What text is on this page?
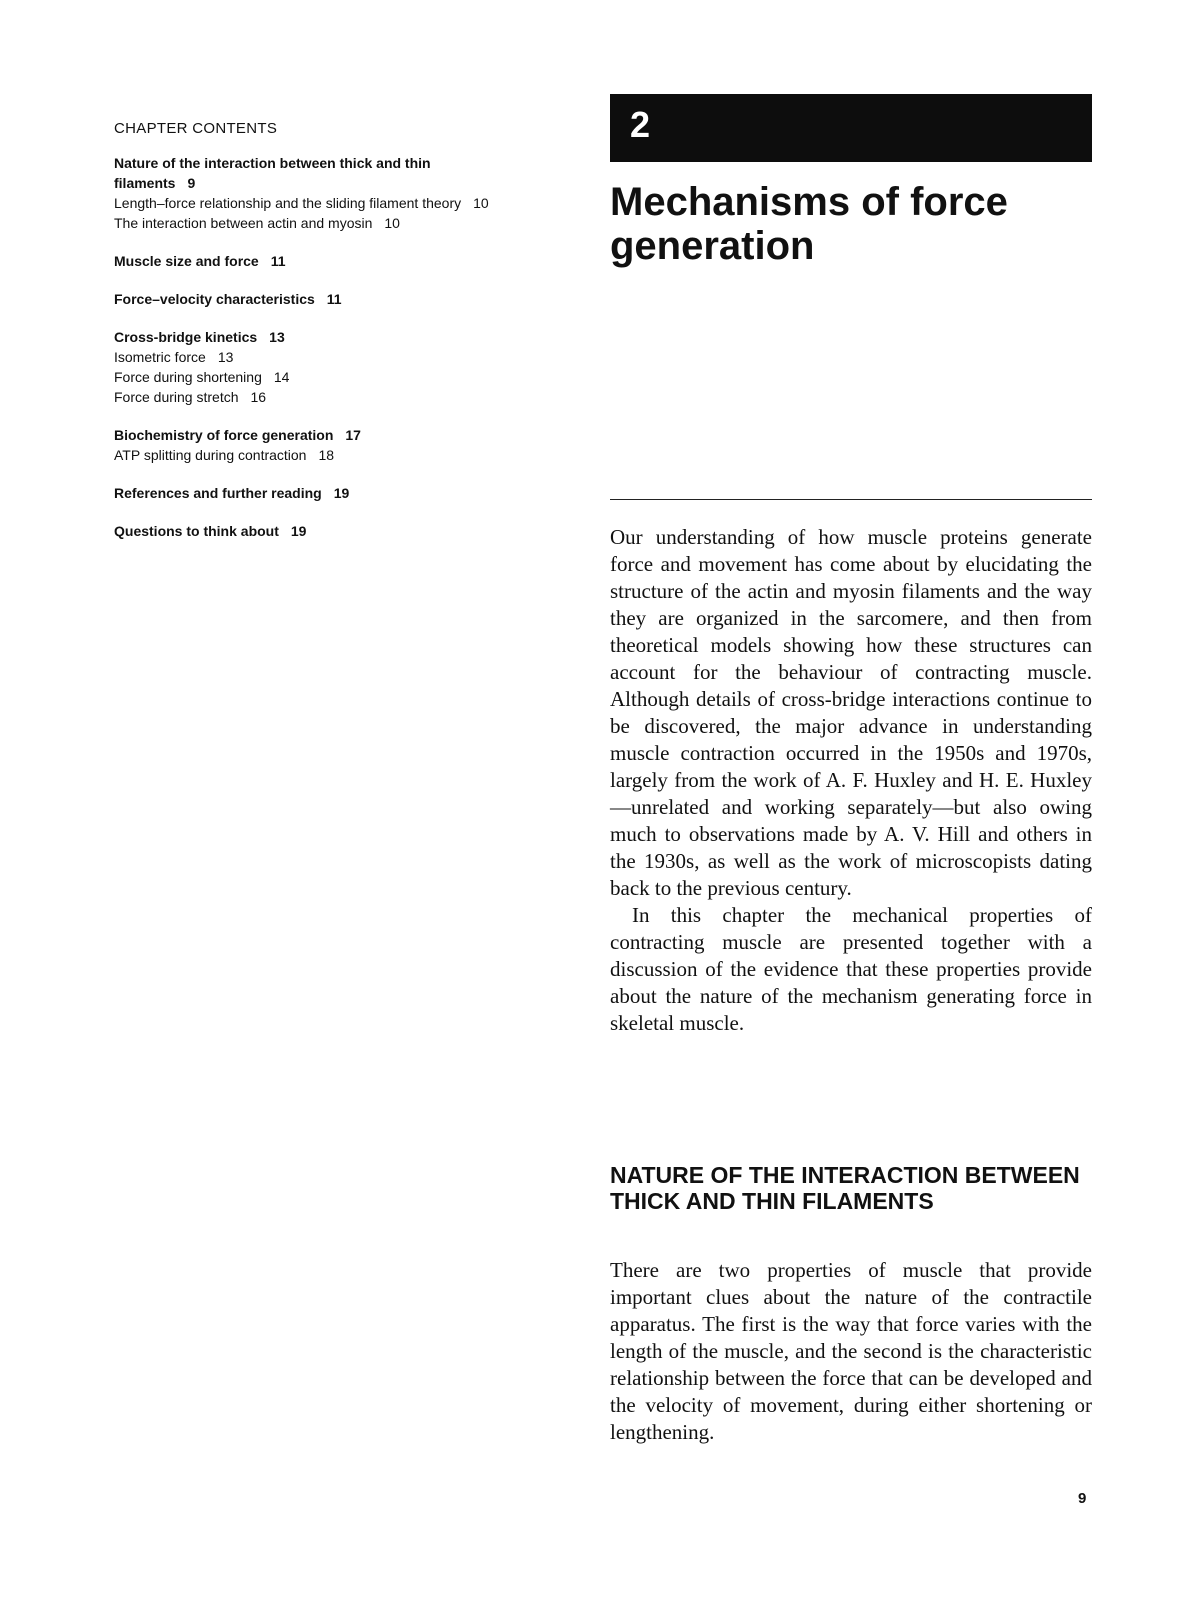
CHAPTER CONTENTS
Nature of the interaction between thick and thin filaments 9
Length–force relationship and the sliding filament theory 10
The interaction between actin and myosin 10
Muscle size and force 11
Force–velocity characteristics 11
Cross-bridge kinetics 13
Isometric force 13
Force during shortening 14
Force during stretch 16
Biochemistry of force generation 17
ATP splitting during contraction 18
References and further reading 19
Questions to think about 19
2
Mechanisms of force generation

Our understanding of how muscle proteins generate force and movement has come about by elucidating the structure of the actin and myosin filaments and the way they are organized in the sarcomere, and then from theoretical models showing how these structures can account for the behaviour of contracting muscle. Although details of cross-bridge interactions continue to be discovered, the major advance in understanding muscle contraction occurred in the 1950s and 1970s, largely from the work of A. F. Huxley and H. E. Huxley—unrelated and working separately—but also owing much to observations made by A. V. Hill and others in the 1930s, as well as the work of microscopists dating back to the previous century.

In this chapter the mechanical properties of contracting muscle are presented together with a discussion of the evidence that these properties provide about the nature of the mechanism generating force in skeletal muscle.

NATURE OF THE INTERACTION BETWEEN THICK AND THIN FILAMENTS

There are two properties of muscle that provide important clues about the nature of the contractile apparatus. The first is the way that force varies with the length of the muscle, and the second is the characteristic relationship between the force that can be developed and the velocity of movement, during either shortening or lengthening.

9
